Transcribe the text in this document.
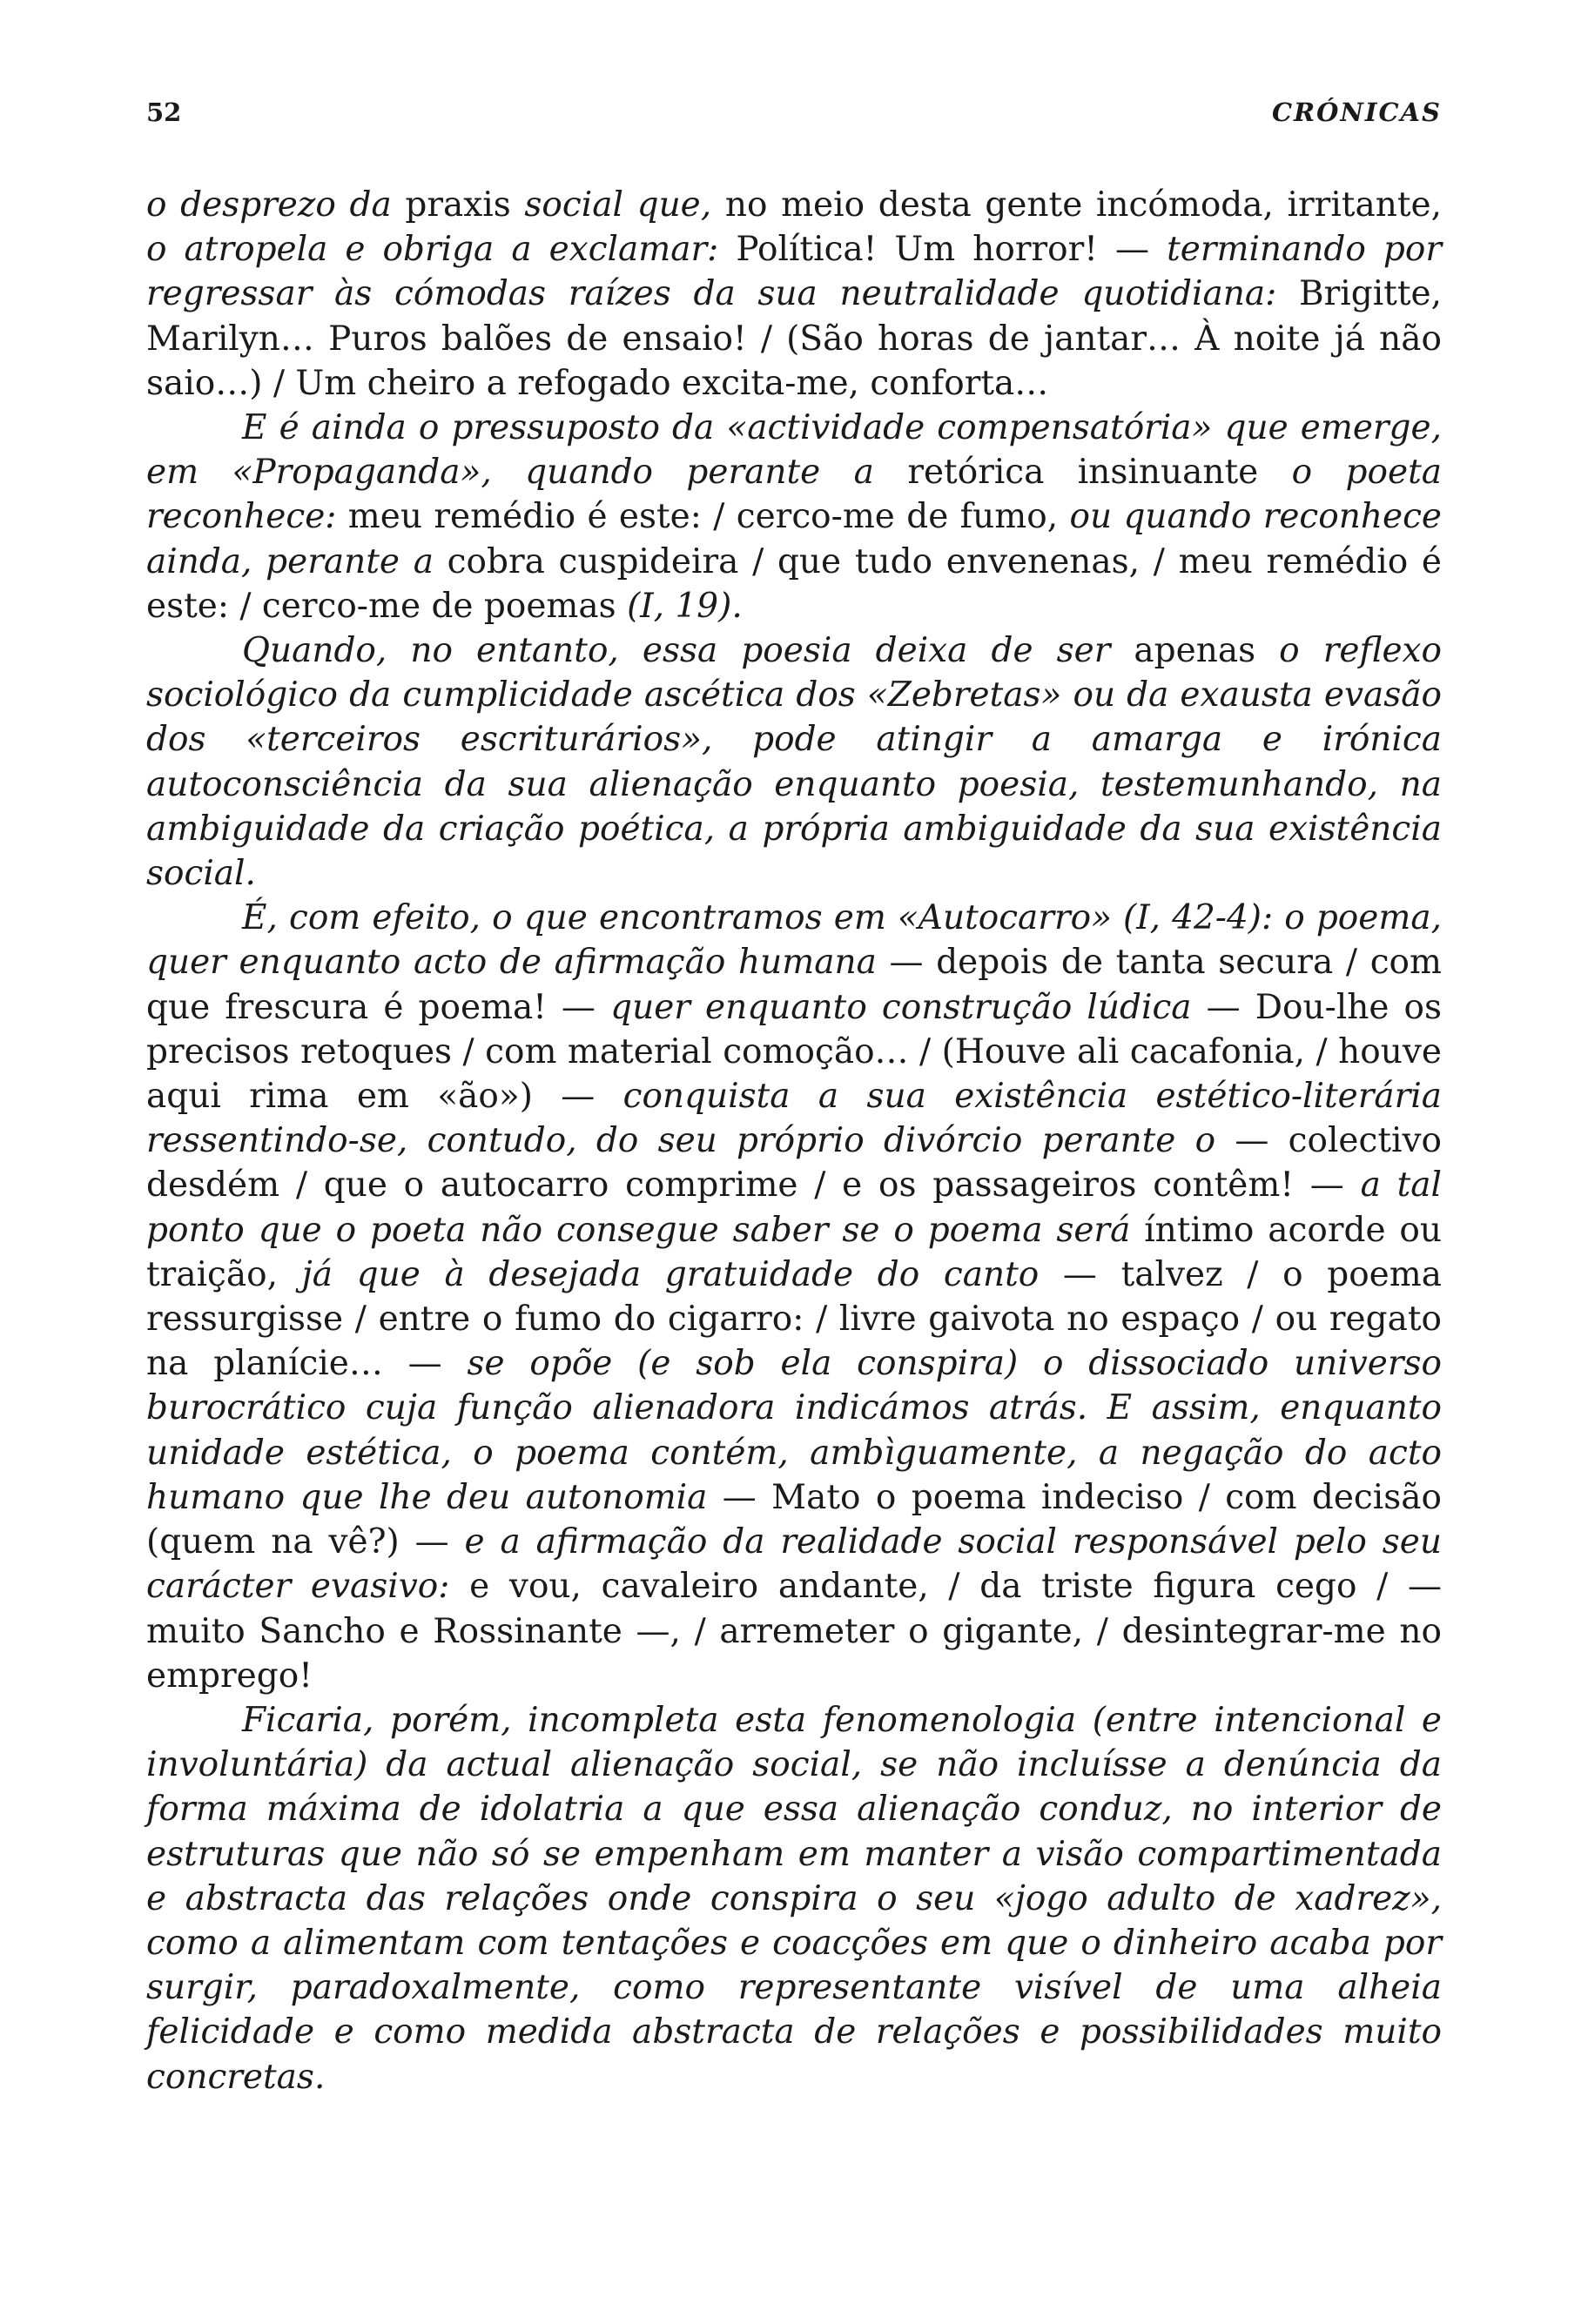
52	CRÓNICAS

o desprezo da praxis social que, no meio desta gente incómoda, irritante, o atropela e obriga a exclamar: Política! Um horror! — terminando por regressar às cómodas raízes da sua neutralidade quotidiana: Brigitte, Marilyn… Puros balões de ensaio! / (São horas de jantar… À noite já não saio…) / Um cheiro a refogado excita-me, conforta…

E é ainda o pressuposto da «actividade compensatória» que emerge, em «Propaganda», quando perante a retórica insinuante o poeta reconhece: meu remédio é este: / cerco-me de fumo, ou quando reconhece ainda, perante a cobra cuspideira / que tudo envenenas, / meu remédio é este: / cerco-me de poemas (I, 19).

Quando, no entanto, essa poesia deixa de ser apenas o reflexo sociológico da cumplicidade ascética dos «Zebretas» ou da exausta evasão dos «terceiros escriturários», pode atingir a amarga e irónica autoconsciência da sua alienação enquanto poesia, testemunhando, na ambiguidade da criação poética, a própria ambiguidade da sua existência social.

É, com efeito, o que encontramos em «Autocarro» (I, 42-4): o poema, quer enquanto acto de afirmação humana — depois de tanta secura / com que frescura é poema! — quer enquanto construção lúdica — Dou-lhe os precisos retoques / com material comoção… / (Houve ali cacafonia, / houve aqui rima em «ão») — conquista a sua existência estético-literária ressentindo-se, contudo, do seu próprio divórcio perante o — colectivo desdém / que o autocarro comprime / e os passageiros contêm! — a tal ponto que o poeta não consegue saber se o poema será íntimo acorde ou traição, já que à desejada gratuidade do canto — talvez / o poema ressurgisse / entre o fumo do cigarro: / livre gaivota no espaço / ou regato na planície… — se opõe (e sob ela conspira) o dissociado universo burocrático cuja função alienadora indicámos atrás. E assim, enquanto unidade estética, o poema contém, ambìguamente, a negação do acto humano que lhe deu autonomia — Mato o poema indeciso / com decisão (quem na vê?) — e a afirmação da realidade social responsável pelo seu carácter evasivo: e vou, cavaleiro andante, / da triste figura cego / — muito Sancho e Rossinante —, / arremeter o gigante, / desintegrar-me no emprego!

Ficaria, porém, incompleta esta fenomenologia (entre intencional e involuntária) da actual alienação social, se não incluísse a denúncia da forma máxima de idolatria a que essa alienação conduz, no interior de estruturas que não só se empenham em manter a visão compartimentada e abstracta das relações onde conspira o seu «jogo adulto de xadrez», como a alimentam com tentações e coacções em que o dinheiro acaba por surgir, paradoxalmente, como representante visível de uma alheia felicidade e como medida abstracta de relações e possibilidades muito concretas.
